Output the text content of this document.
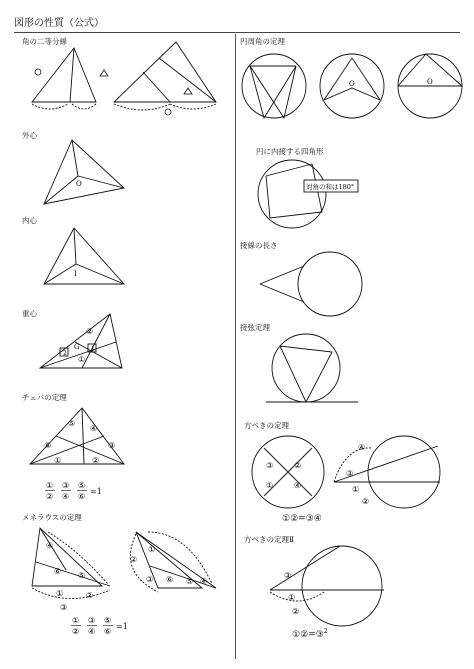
図形の性質（公式）
角の二等分線
外心
O
内心
I
重心
②
G
2
1
①
チェバの定理
⑤
④
⑥	③
①	②
①
②
③
④
⑤
⑥
=1
メネラウスの定理
④
⑥ ⑤
①	②
③
①
②
③ ⑥ ⑤ ④
①
②
③
④
⑤
⑥
=1
円周角の定理
O	O
円に内接する四角形
対角の和は180°
接線の長さ
接弦定理
方べきの定理
③	②
①	④
④
③
①
②
①②=③④
方べきの定理Ⅱ
③
①
②
①②=③$^2$
